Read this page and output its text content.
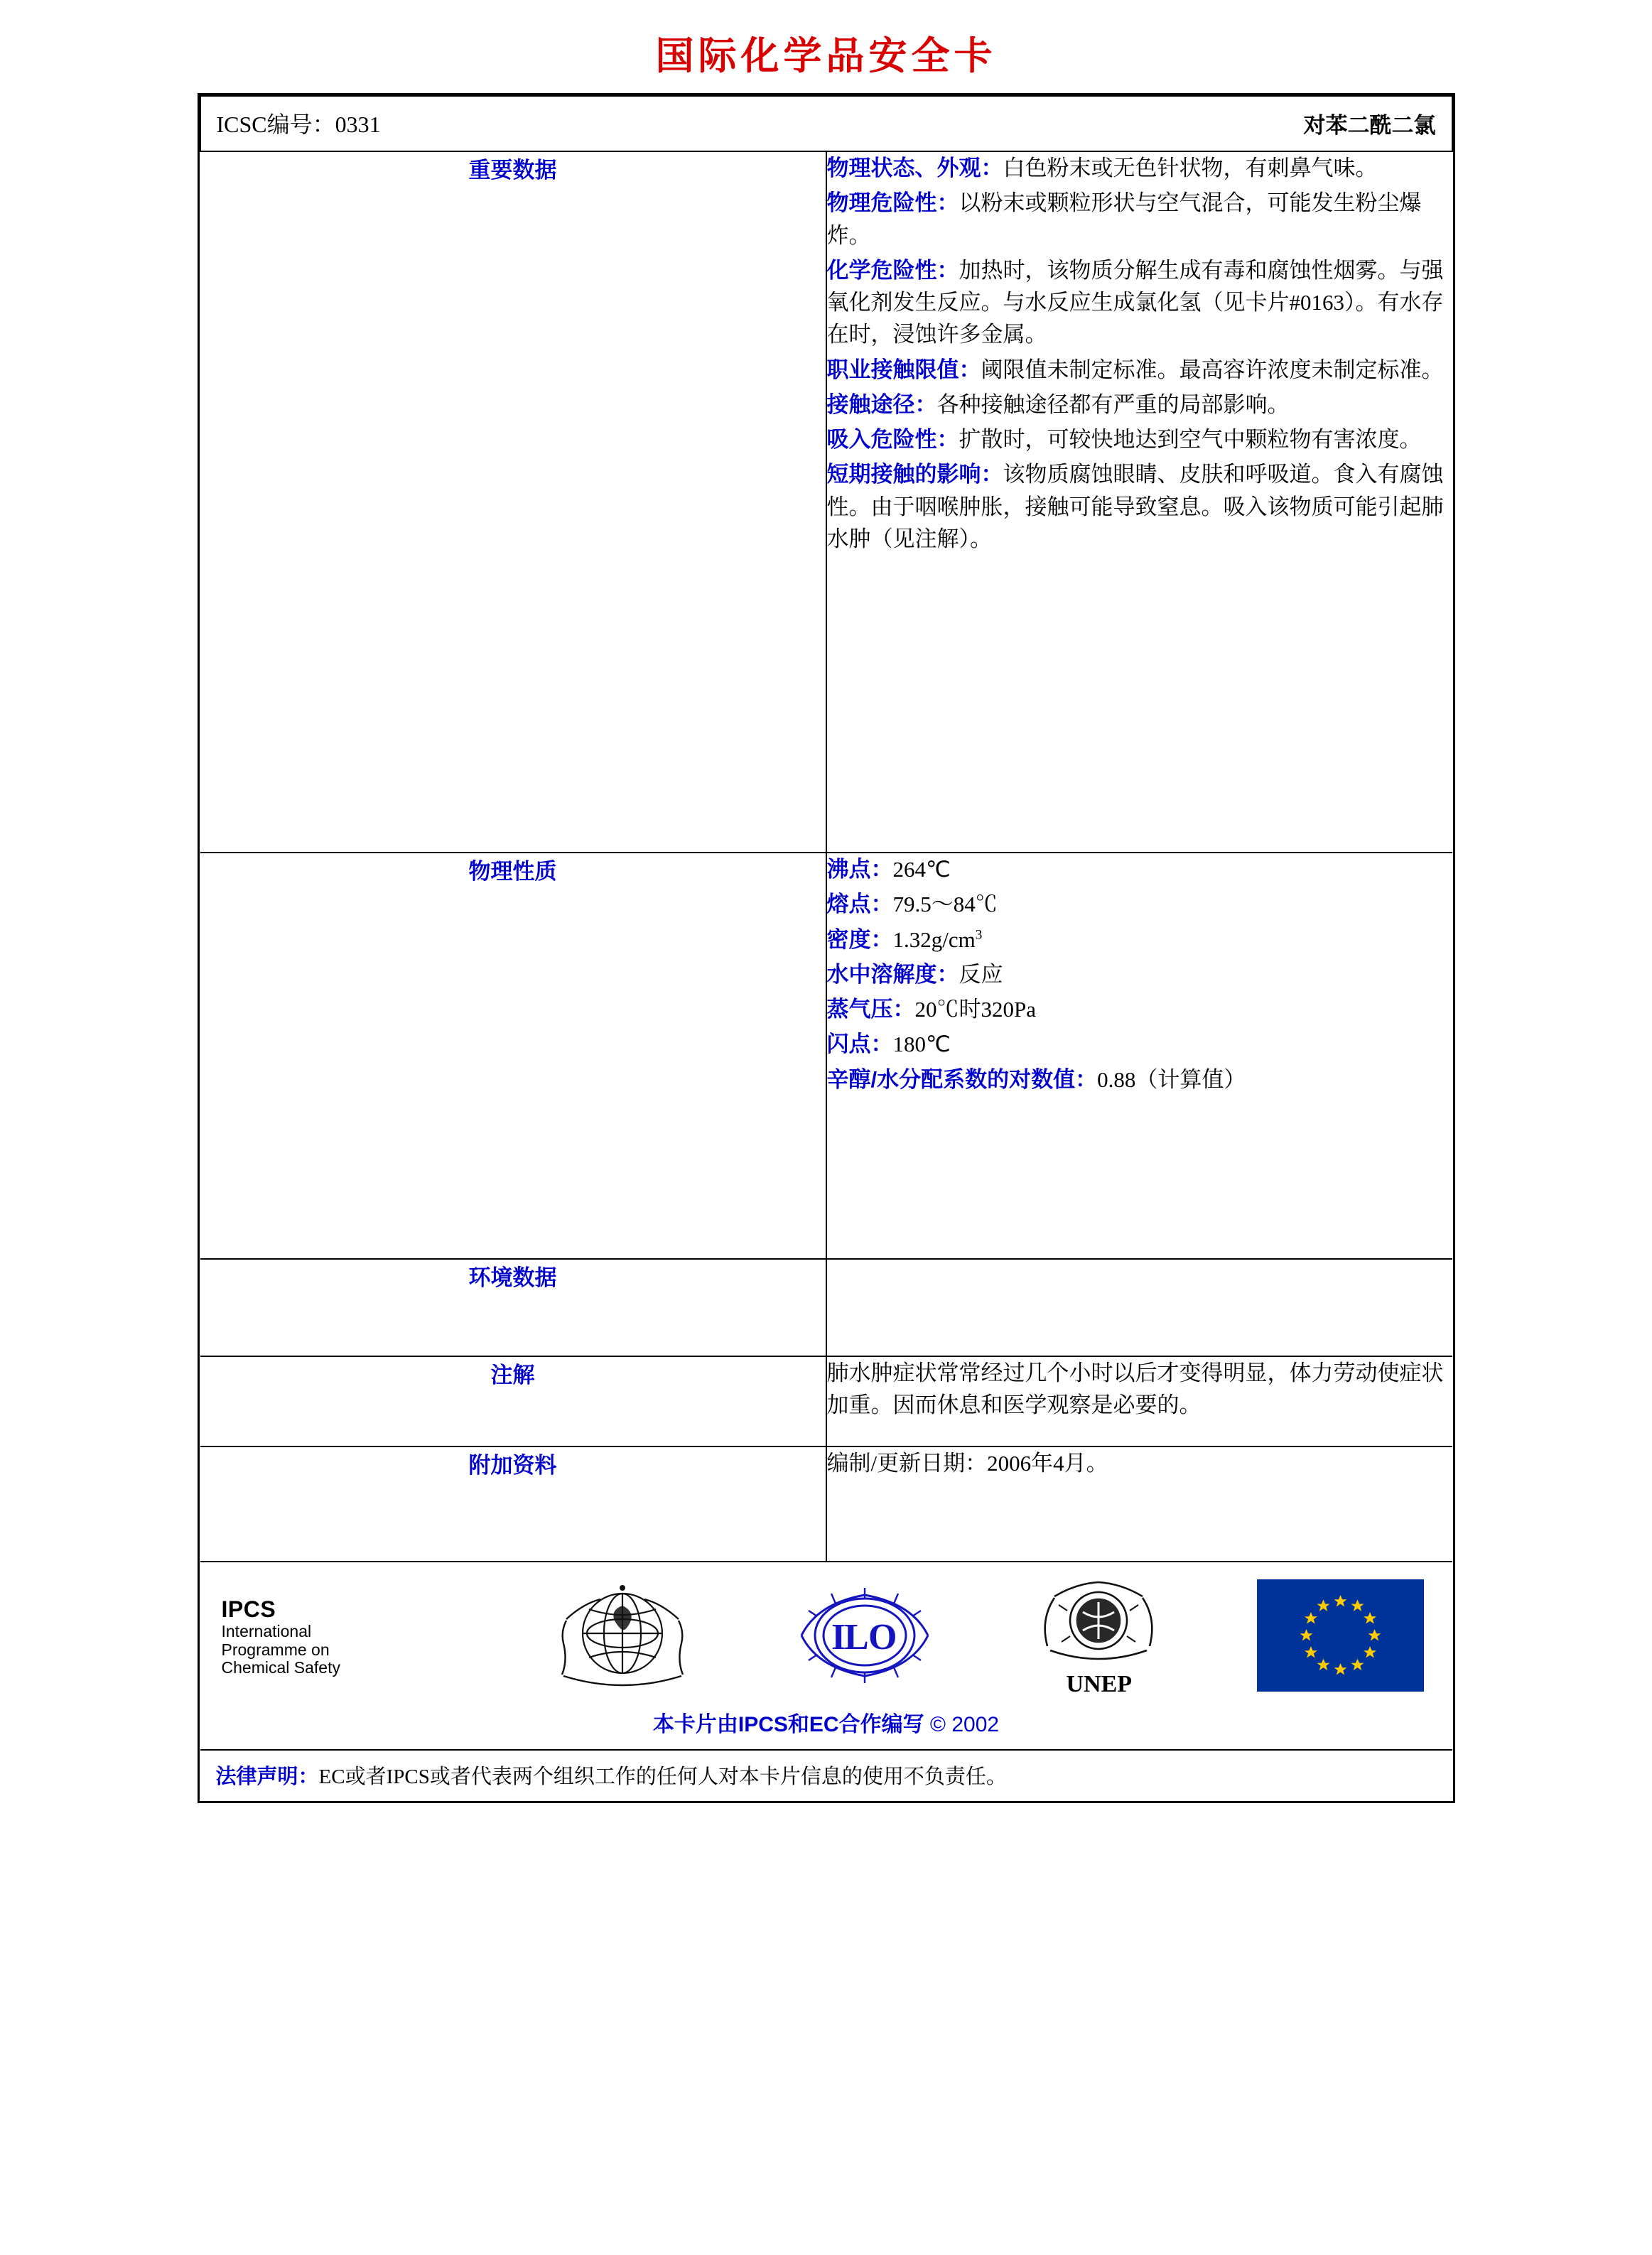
国际化学品安全卡
ICSC编号：0331 对苯二酰二氯	

重要数据	物理状态、外观：白色粉末或无色针状物，有刺鼻气味。

物理危险性：以粉末或颗粒形状与空气混合，可能发生粉尘爆炸。

化学危险性：加热时，该物质分解生成有毒和腐蚀性烟雾。与强氧化剂发生反应。与水反应生成氯化氢（见卡片#0163）。有水存在时，浸蚀许多金属。

职业接触限值：阈限值未制定标准。最高容许浓度未制定标准。

接触途径：各种接触途径都有严重的局部影响。

吸入危险性：扩散时，可较快地达到空气中颗粒物有害浓度。

短期接触的影响：该物质腐蚀眼睛、皮肤和呼吸道。食入有腐蚀性。由于咽喉肿胀，接触可能导致窒息。吸入该物质可能引起肺水肿（见注解）。

物理性质	沸点：264℃

熔点：79.5～84℃

密度：$1.32g/cm^3$

水中溶解度：反应

蒸气压：20℃时320Pa

闪点：180℃

辛醇/水分配系数的对数值：0.88（计算值）

环境数据	
注解	肺水肿症状常常经过几个小时以后才变得明显，体力劳动使症状加重。因而休息和医学观察是必要的。
附加资料	编制/更新日期：2006年4月。

IPCS
International
Programme on
Chemical Safety
I
L O
UNEP
本卡片由IPCS和EC合作编写 © 2002

法律声明：EC或者IPCS或者代表两个组织工作的任何人对本卡片信息的使用不负责任。	
